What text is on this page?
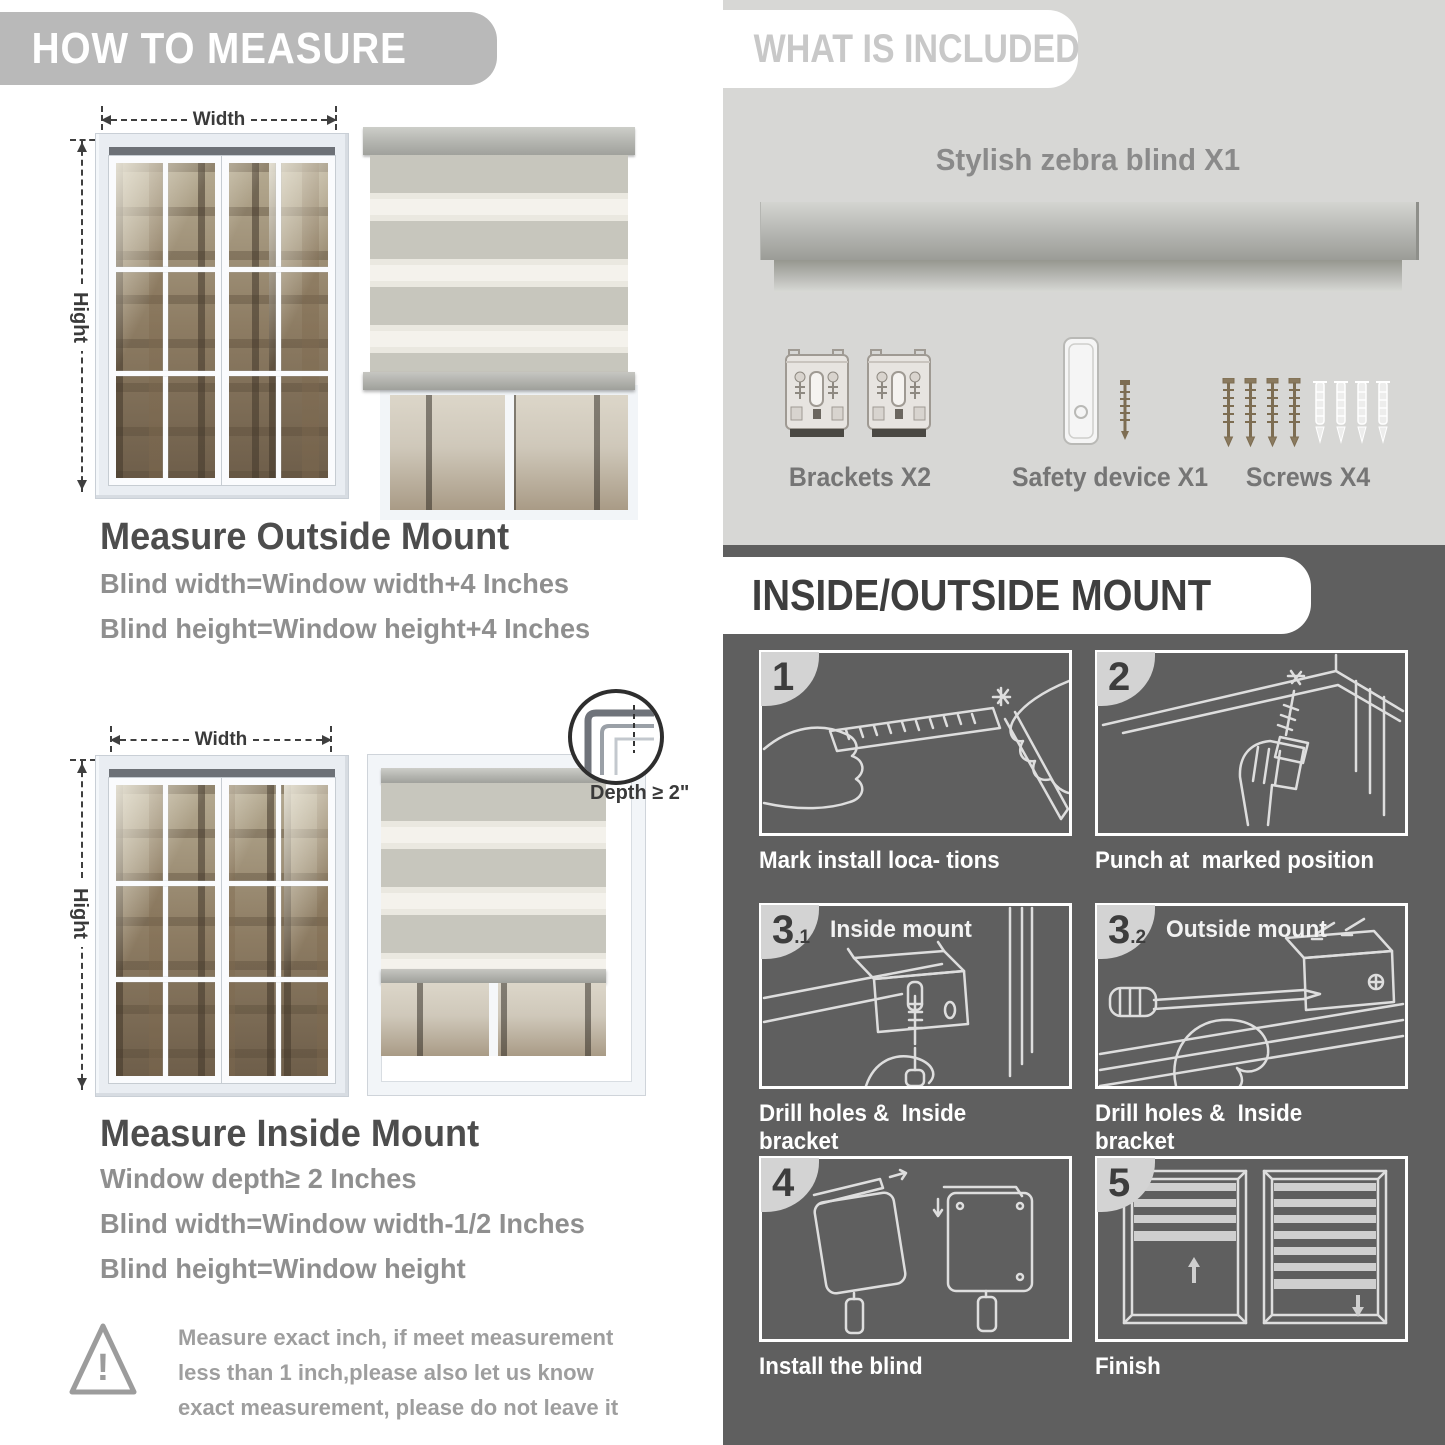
HOW TO MEASURE
Width
Hight
Measure Outside Mount
Blind width=Window width+4 Inches
Blind height=Window height+4 Inches
Width
Hight
Depth ≥ 2"
Measure Inside Mount
Window depth≥ 2 Inches
Blind width=Window width-1/2 Inches
Blind height=Window height
!
Measure exact inch, if meet measurement less than 1 inch,please also let us know exact measurement, please do not leave it
WHAT IS INCLUDED
Stylish zebra blind X1
Brackets X2	Safety device X1	Screws X4
INSIDE/OUTSIDE MOUNT
1
Mark install loca- tions
2
Punch at  marked position
3 .1 Inside mount
Drill holes &  Inside bracket
3 .2 Outside mount
Drill holes &  Inside bracket
4
Install the blind
5
Finish
